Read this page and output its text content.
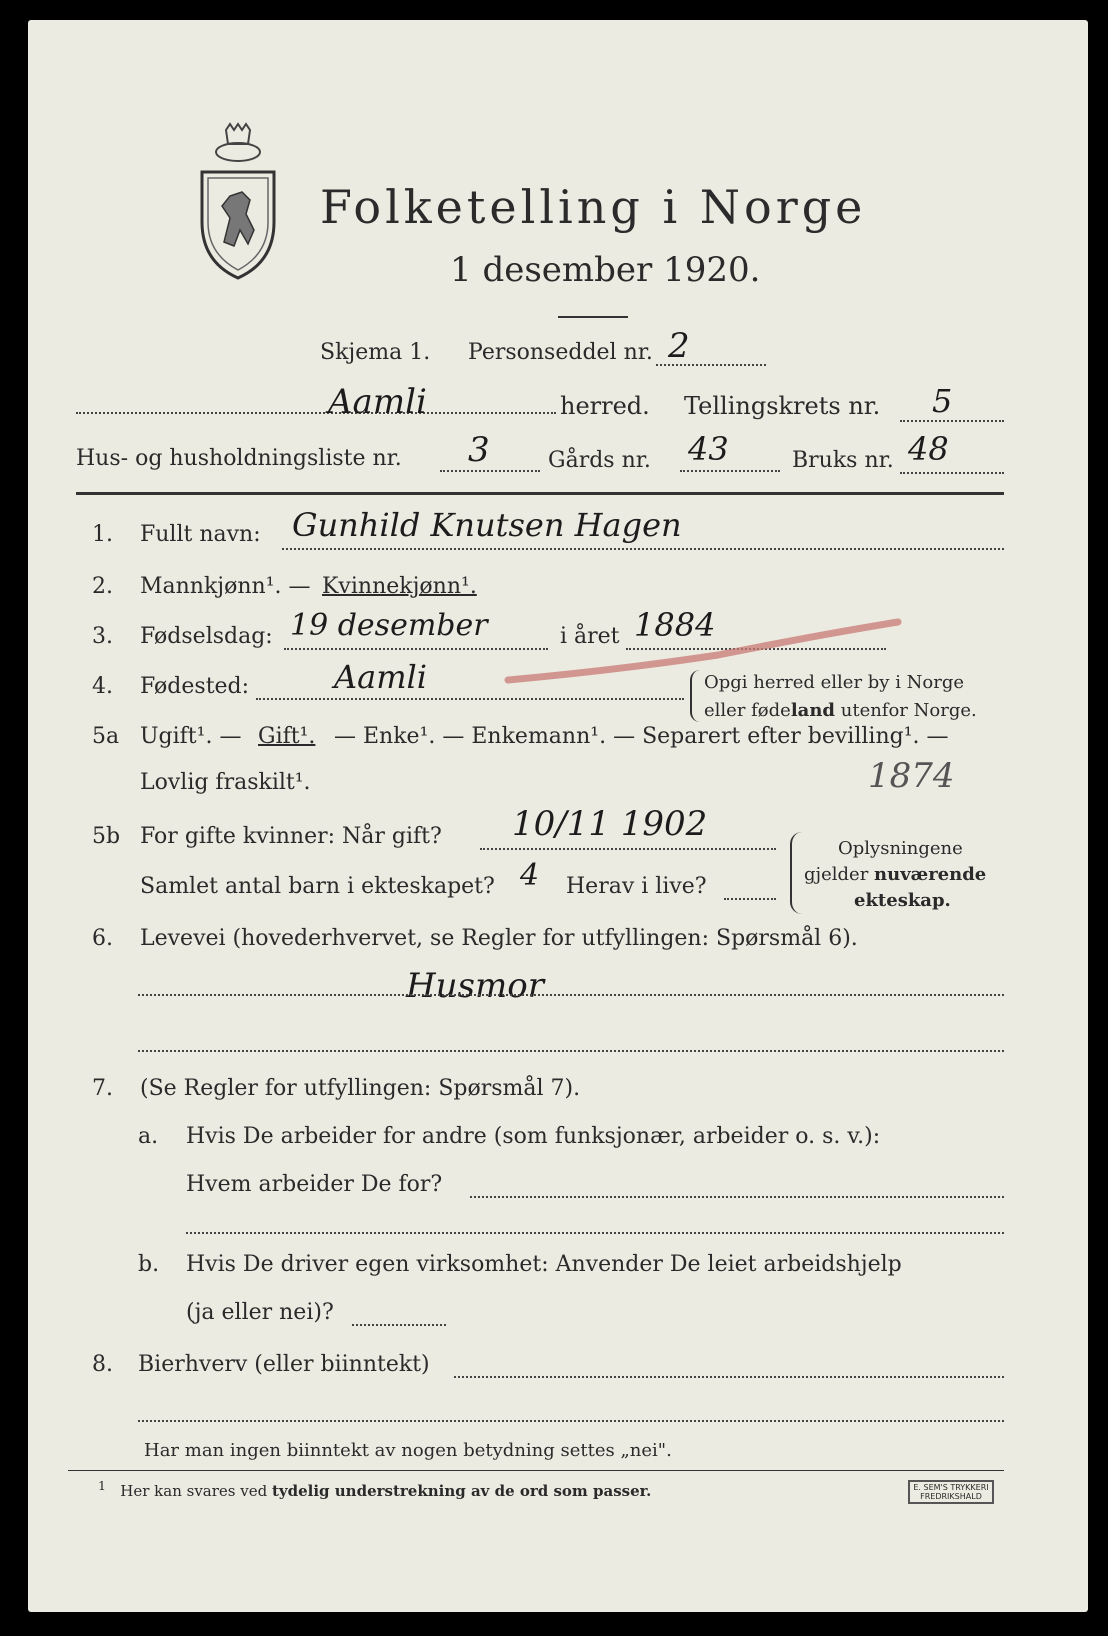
Folketelling i Norge
1 desember 1920.
Skjema 1. Personseddel nr. 2
Aamli	herred. Tellingskrets nr. 5
Hus- og husholdningsliste nr. 3	Gårds nr. 43	Bruks nr. 48
1. Fullt navn: Gunhild Knutsen Hagen
2. Mannkjønn¹. — Kvinnekjønn¹.
3. Fødselsdag: 19 desember	i året 1884
4. Fødested:	Aamli	Opgi herred eller by i Norge
eller fødeland utenfor Norge.
5a Ugift¹. — Gift¹. — Enke¹. — Enkemann¹. — Separert efter bevilling¹. —
Lovlig fraskilt¹.	1874
5b For gifte kvinner: Når gift? 10/11 1902
Samlet antal barn i ekteskapet? 4 Herav i live?
Oplysningene
gjelder nuværende
ekteskap.
6. Levevei (hovederhvervet, se Regler for utfyllingen: Spørsmål 6).
Husmor
7. (Se Regler for utfyllingen: Spørsmål 7).
a. Hvis De arbeider for andre (som funksjonær, arbeider o. s. v.):
Hvem arbeider De for?
b. Hvis De driver egen virksomhet: Anvender De leiet arbeidshjelp
(ja eller nei)?
8. Bierhverv (eller biinntekt)
Har man ingen biinntekt av nogen betydning settes „nei".
$^1$ Her kan svares ved tydelig understrekning av de ord som passer.	E. SEM'S TRYKKERI FREDRIKSHALD
